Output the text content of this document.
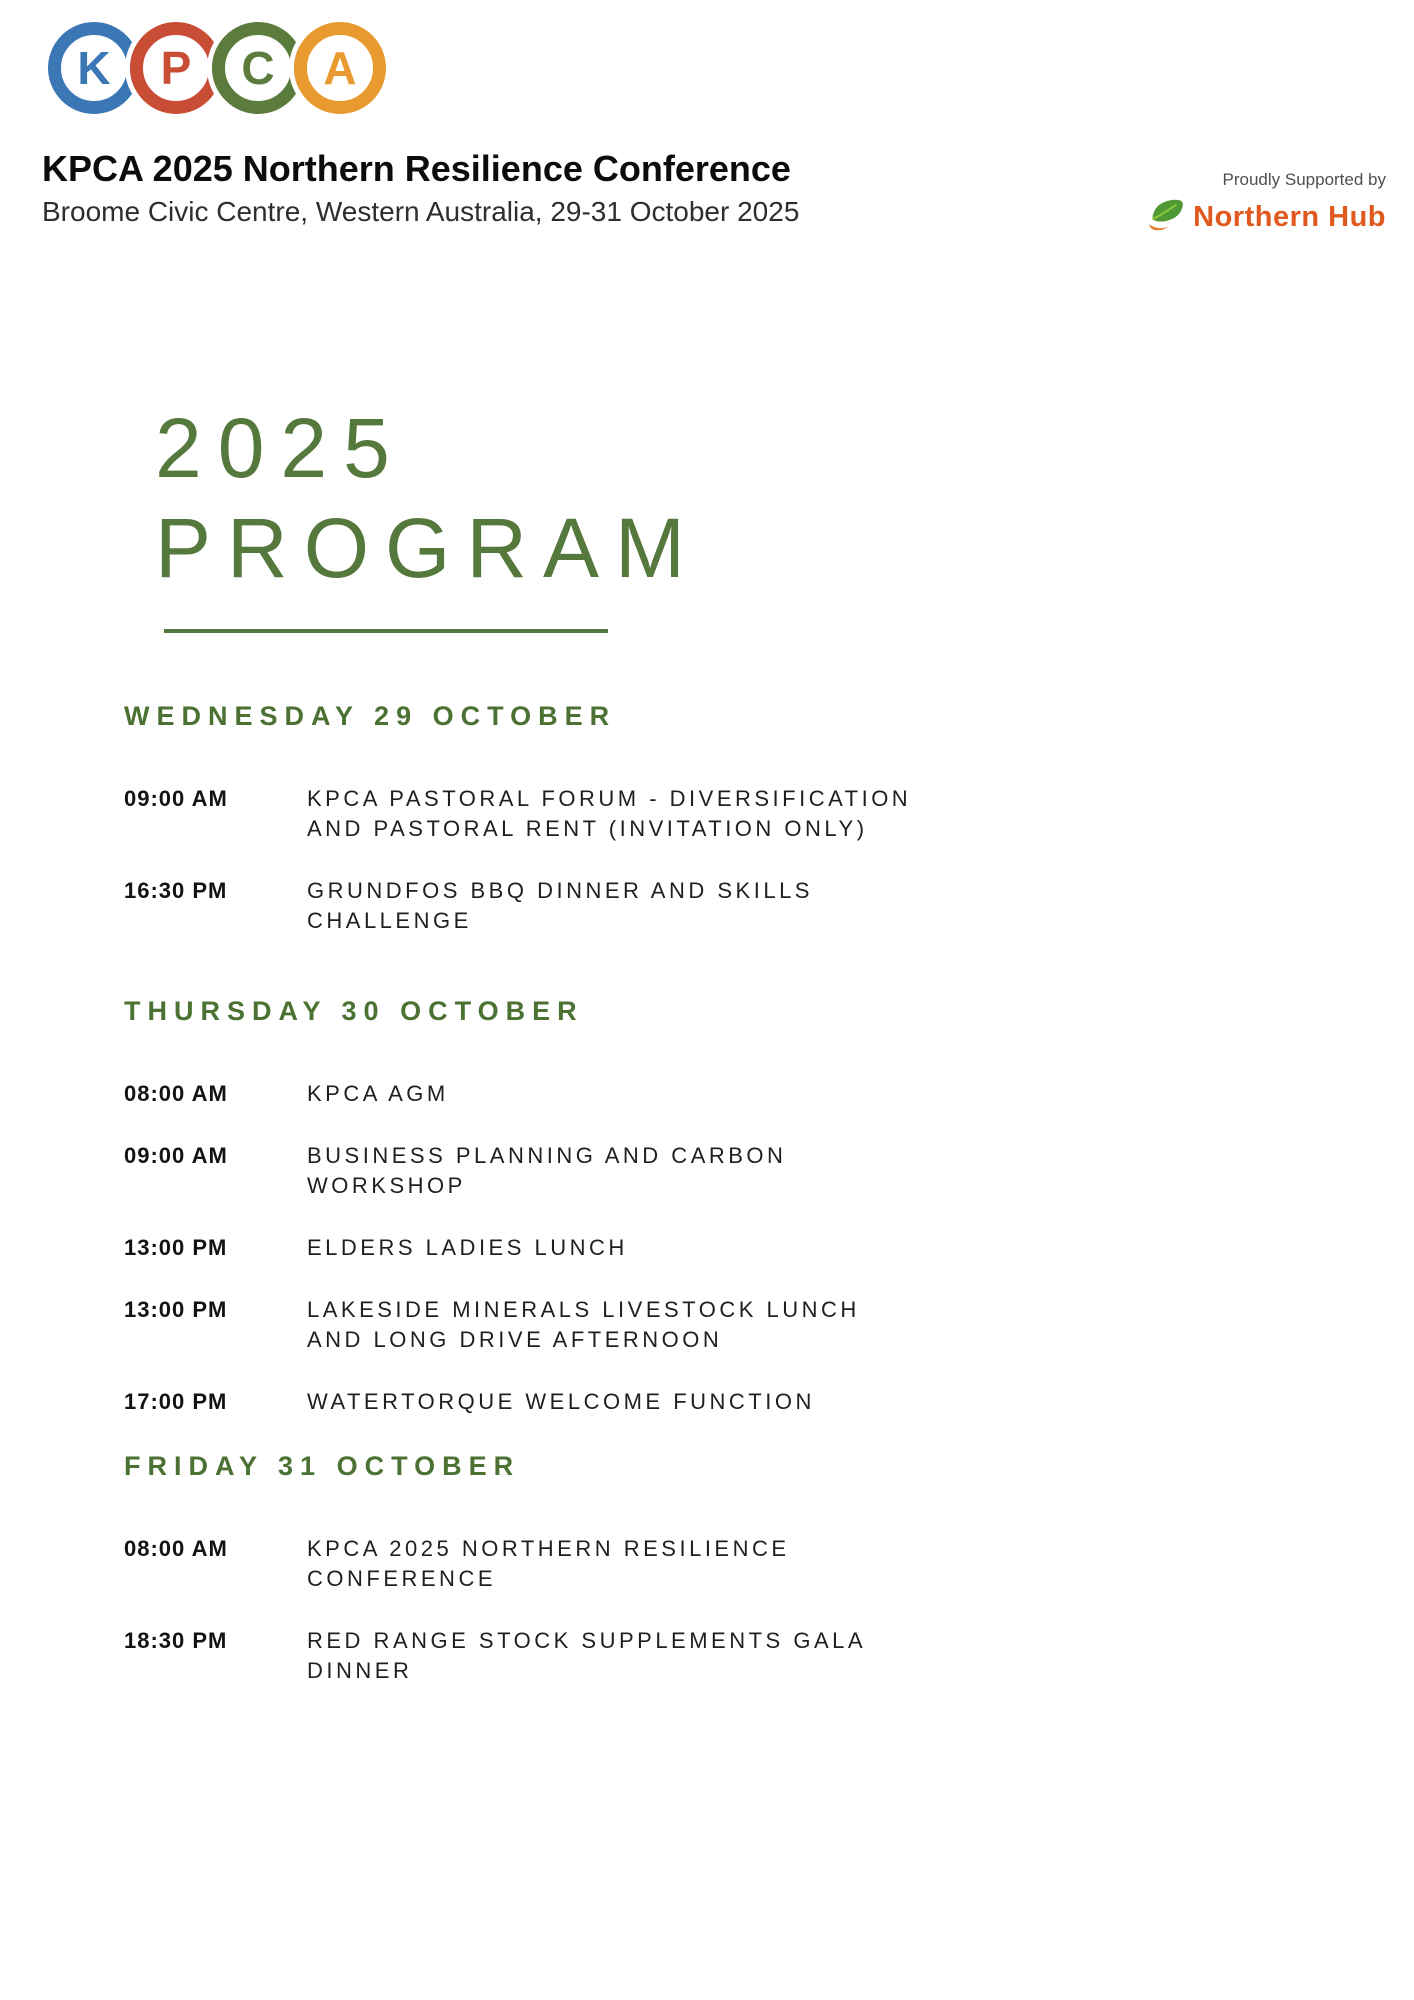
K P C A
KPCA 2025 Northern Resilience Conference
Broome Civic Centre, Western Australia, 29-31 October 2025
Proudly Supported by
Northern Hub
2025
PROGRAM
WEDNESDAY 29 OCTOBER
09:00 AM	KPCA PASTORAL FORUM - DIVERSIFICATION
AND PASTORAL RENT (INVITATION ONLY)
16:30 PM	GRUNDFOS BBQ DINNER AND SKILLS
CHALLENGE
THURSDAY 30 OCTOBER
08:00 AM	KPCA AGM
09:00 AM	BUSINESS PLANNING AND CARBON
WORKSHOP
13:00 PM	ELDERS LADIES LUNCH
13:00 PM	LAKESIDE MINERALS LIVESTOCK LUNCH
AND LONG DRIVE AFTERNOON
17:00 PM	WATERTORQUE WELCOME FUNCTION
FRIDAY 31 OCTOBER
08:00 AM	KPCA 2025 NORTHERN RESILIENCE
CONFERENCE
18:30 PM	RED RANGE STOCK SUPPLEMENTS GALA
DINNER
